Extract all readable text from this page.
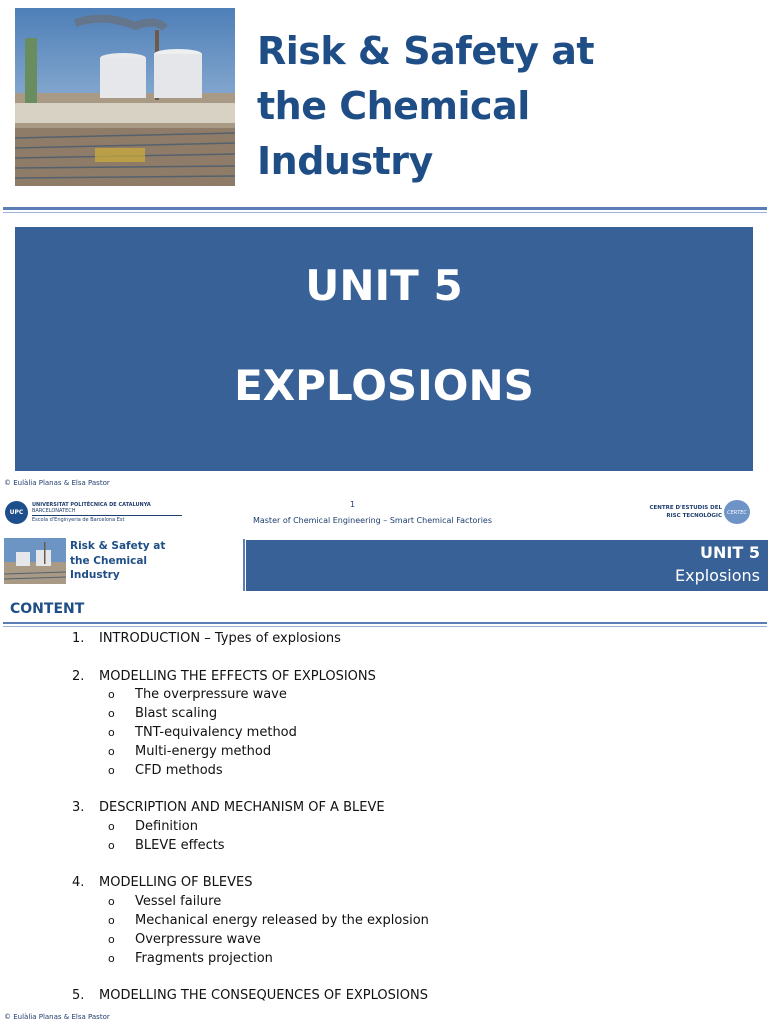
Risk & Safety at
the Chemical
Industry
UNIT 5
EXPLOSIONS
© Eulàlia Planas & Elsa Pastor
UPC
UNIVERSITAT POLITÈCNICA DE CATALUNYA
BARCELONATECH
Escola d'Enginyeria de Barcelona Est
1
Master of Chemical Engineering – Smart Chemical Factories
CENTRE D'ESTUDIS DEL
RISC TECNOLÒGIC	CERTEC
Risk & Safety at
the Chemical
Industry
UNIT 5
Explosions
CONTENT
1. INTRODUCTION – Types of explosions
2. MODELLING THE EFFECTS OF EXPLOSIONS
o The overpressure wave
o Blast scaling
o TNT-equivalency method
o Multi-energy method
o CFD methods
3. DESCRIPTION AND MECHANISM OF A BLEVE
o Definition
o BLEVE effects
4. MODELLING OF BLEVES
o Vessel failure
o Mechanical energy released by the explosion
o Overpressure wave
o Fragments projection
5. MODELLING THE CONSEQUENCES OF EXPLOSIONS
© Eulàlia Planas & Elsa Pastor
